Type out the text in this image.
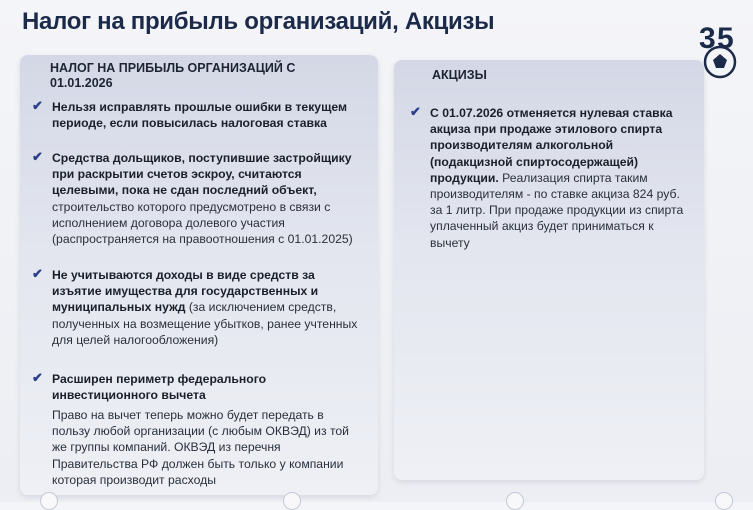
Налог на прибыль организаций, Акцизы
3 5
НАЛОГ НА ПРИБЫЛЬ ОРГАНИЗАЦИЙ С 01.01.2026
✔ Нельзя исправлять прошлые ошибки в текущем периоде, если повысилась налоговая ставка
✔ Средства дольщиков, поступившие застройщику при раскрытии счетов эскроу, считаются целевыми, пока не сдан последний объект, строительство которого предусмотрено в связи с исполнением договора долевого участия (распространяется на правоотношения с 01.01.2025)
✔ Не учитываются доходы в виде средств за изъятие имущества для государственных и муниципальных нужд (за исключением средств, полученных на возмещение убытков, ранее учтенных для целей налогообложения)
✔ Расширен периметр федерального инвестиционного вычета
Право на вычет теперь можно будет передать в пользу любой организации (с любым ОКВЭД) из той же группы компаний. ОКВЭД из перечня Правительства РФ должен быть только у компании которая производит расходы
АКЦИЗЫ
✔ С 01.07.2026 отменяется нулевая ставка акциза при продаже этилового спирта производителям алкогольной (подакцизной спиртосодержащей) продукции. Реализация спирта таким производителям - по ставке акциза 824 руб. за 1 литр. При продаже продукции из спирта уплаченный акциз будет приниматься к вычету
